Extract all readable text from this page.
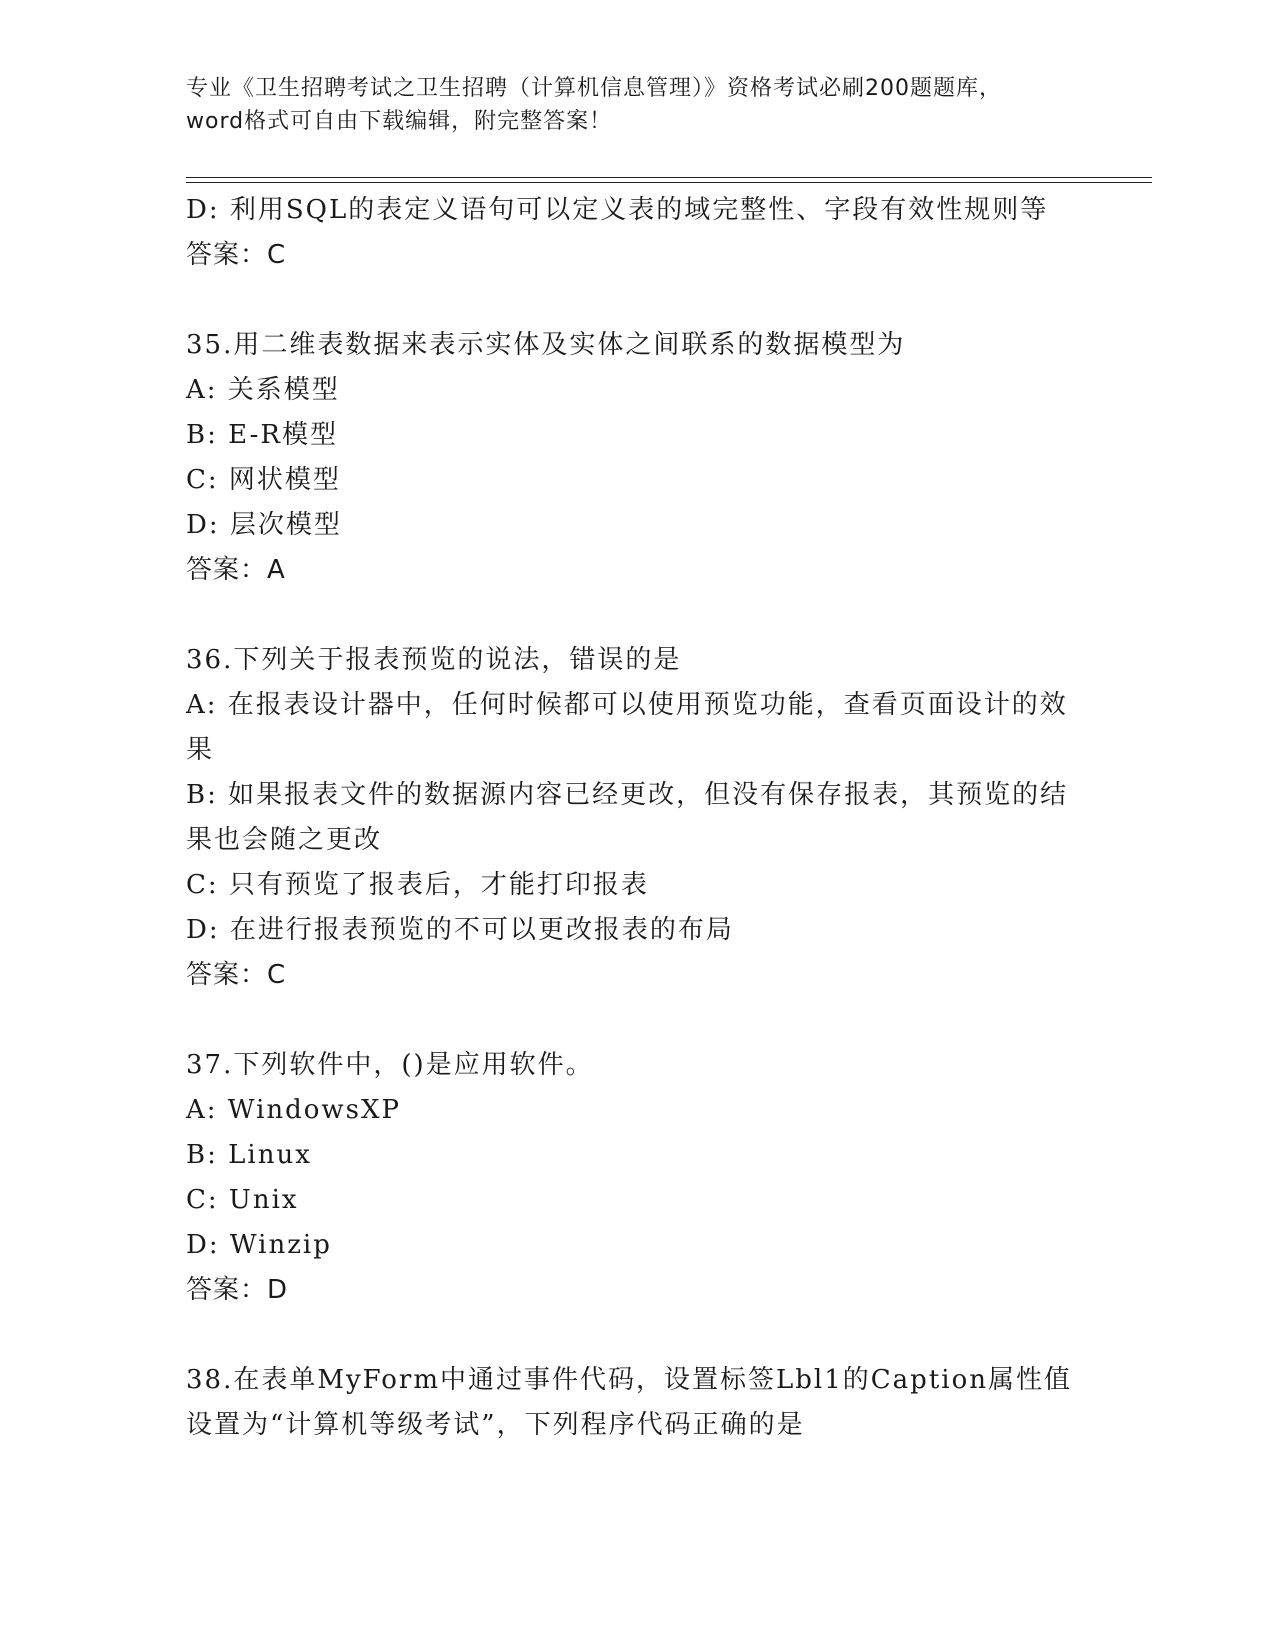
专业《卫生招聘考试之卫生招聘（计算机信息管理）》资格考试必刷200题题库，
word格式可自由下载编辑，附完整答案！
D: 利用SQL的表定义语句可以定义表的域完整性、字段有效性规则等
答案：C
35.用二维表数据来表示实体及实体之间联系的数据模型为
A: 关系模型
B: E-R模型
C: 网状模型
D: 层次模型
答案：A
36.下列关于报表预览的说法，错误的是
A: 在报表设计器中，任何时候都可以使用预览功能，查看页面设计的效果
B: 如果报表文件的数据源内容已经更改，但没有保存报表，其预览的结果也会随之更改
C: 只有预览了报表后，才能打印报表
D: 在进行报表预览的不可以更改报表的布局
答案：C
37.下列软件中，()是应用软件。
A: WindowsXP
B: Linux
C: Unix
D: Winzip
答案：D
38.在表单MyForm中通过事件代码，设置标签Lbl1的Caption属性值设置为“计算机等级考试”，下列程序代码正确的是
